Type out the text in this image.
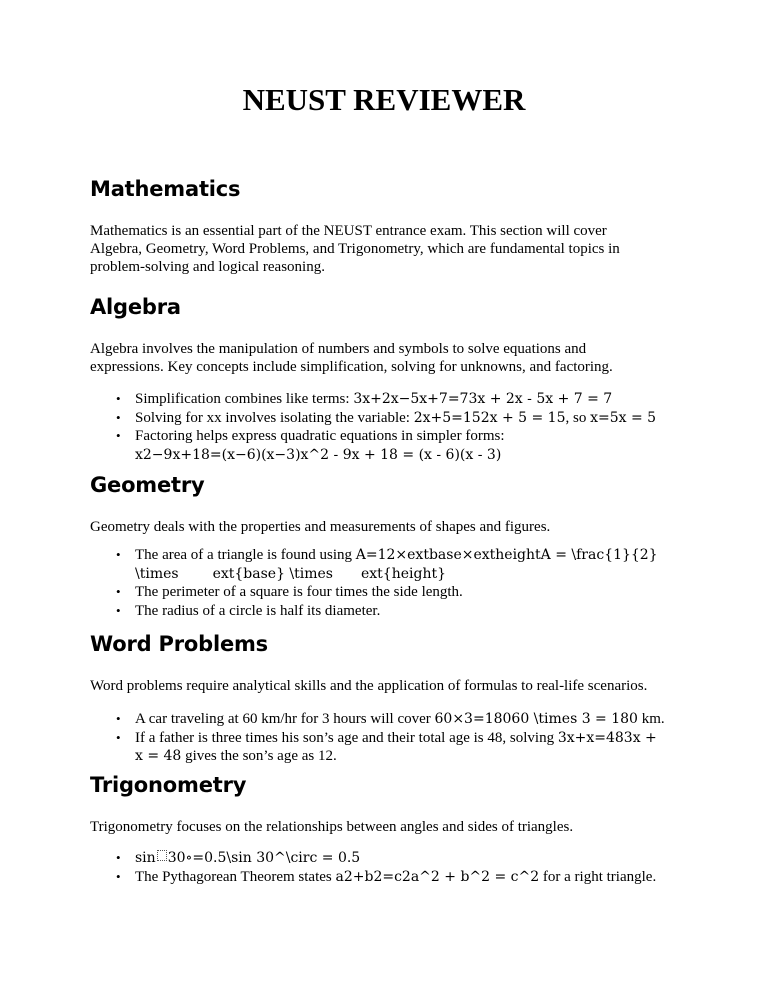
NEUST REVIEWER
Mathematics
Mathematics is an essential part of the NEUST entrance exam. This section will cover
Algebra, Geometry, Word Problems, and Trigonometry, which are fundamental topics in
problem-solving and logical reasoning.
Algebra
Algebra involves the manipulation of numbers and symbols to solve equations and
expressions. Key concepts include simplification, solving for unknowns, and factoring.
• Simplification combines like terms: 3x+2x−5x+7=73x + 2x - 5x + 7 = 7
• Solving for xx involves isolating the variable: 2x+5=152x + 5 = 15, so x=5x = 5
• Factoring helps express quadratic equations in simpler forms:
x2−9x+18=(x−6)(x−3)x^2 - 9x + 18 = (x - 6)(x - 3)
Geometry
Geometry deals with the properties and measurements of shapes and figures.
• The area of a triangle is found using A=12×extbase×extheightA = \frac{1}{2}
\times ext{base} \times ext{height}
• The perimeter of a square is four times the side length.
• The radius of a circle is half its diameter.
Word Problems
Word problems require analytical skills and the application of formulas to real-life scenarios.
• A car traveling at 60 km/hr for 3 hours will cover 60×3=18060 \times 3 = 180 km.
• If a father is three times his son’s age and their total age is 48, solving 3x+x=483x +
x = 48 gives the son’s age as 12.
Trigonometry
Trigonometry focuses on the relationships between angles and sides of triangles.
• sin 30∘=0.5\sin 30^\circ = 0.5
• The Pythagorean Theorem states a2+b2=c2a^2 + b^2 = c^2 for a right triangle.
